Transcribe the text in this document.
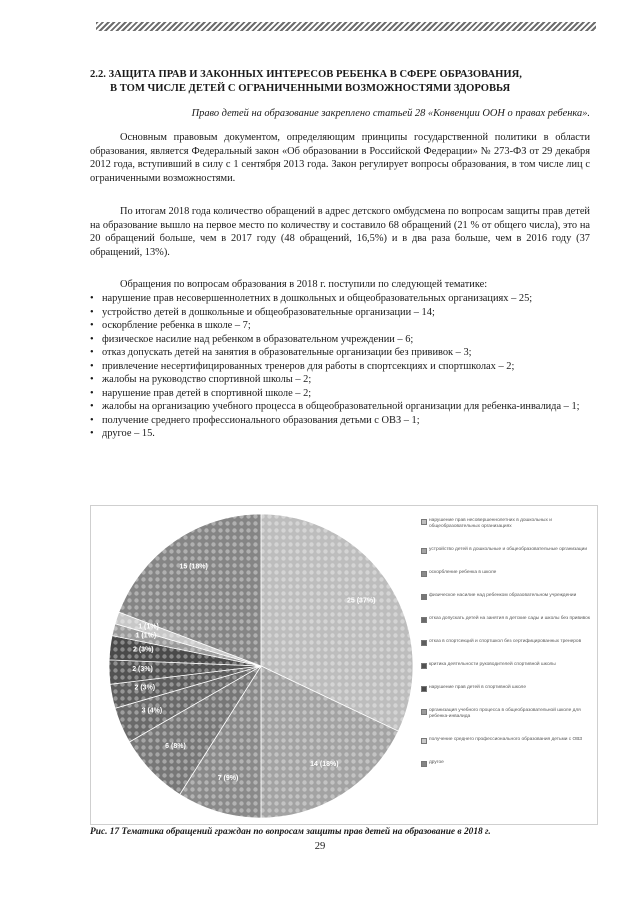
2.2. ЗАЩИТА ПРАВ И ЗАКОННЫХ ИНТЕРЕСОВ РЕБЕНКА В СФЕРЕ ОБРАЗОВАНИЯ,
В ТОМ ЧИСЛЕ ДЕТЕЙ С ОГРАНИЧЕННЫМИ ВОЗМОЖНОСТЯМИ ЗДОРОВЬЯ
Право детей на образование закреплено статьей 28 «Конвенции ООН о правах ребенка».

Основным правовым документом, определяющим принципы государственной политики в области образования, является Федеральный закон «Об образовании в Российской Федерации» № 273-ФЗ от 29 декабря 2012 года, вступивший в силу с 1 сентября 2013 года. Закон регулирует вопросы образования, в том числе лиц с ограниченными возможностями.

По итогам 2018 года количество обращений в адрес детского омбудсмена по вопросам защиты прав детей на образование вышло на первое место по количеству и составило 68 обращений (21 % от общего числа), это на 20 обращений больше, чем в 2017 году (48 обращений, 16,5%) и в два раза больше, чем в 2016 году (37 обращений, 13%).

Обращения по вопросам образования в 2018 г. поступили по следующей тематике:

• нарушение прав несовершеннолетних в дошкольных и общеобразовательных организациях – 25;
• устройство детей в дошкольные и общеобразовательные организации – 14;
• оскорбление ребенка в школе – 7;
• физическое насилие над ребенком в образовательном учреждении – 6;
• отказ допускать детей на занятия в образовательные организации без прививок – 3;
• привлечение несертифицированных тренеров для работы в спортсекциях и спортшколах – 2;
• жалобы на руководство спортивной школы – 2;
• нарушение прав детей в спортивной школе – 2;
• жалобы на организацию учебного процесса в общеобразовательной организации для ребенка-инвалида – 1;
• получение среднего профессионального образования детьми с ОВЗ – 1;
• другое – 15.
25 (37%)
14 (18%)
7 (9%)
6 (8%)
3 (4%)
2 (3%)
2 (3%)
2 (3%)
1 (1%)
1 (1%)
15 (18%)
нарушение прав несовершеннолетних в дошкольных и общеобразовательных организациях
устройство детей в дошкольные и общеобразовательные организации
оскорбление ребенка в школе
физическое насилие над ребенком образовательном учреждении
отказ допускать детей на занятия в детские сады и школы без прививок
отказ в спортсекций и спортшкол без сертифицированных тренеров
критика деятельности руководителей спортивной школы
нарушение прав детей в спортивной школе
организация учебного процесса в общеобразовательной школе для ребенка-инвалида
получение среднего профессионального образования детьми с ОВЗ
другое
Рис. 17 Тематика обращений граждан по вопросам защиты прав детей на образование в 2018 г.
29
